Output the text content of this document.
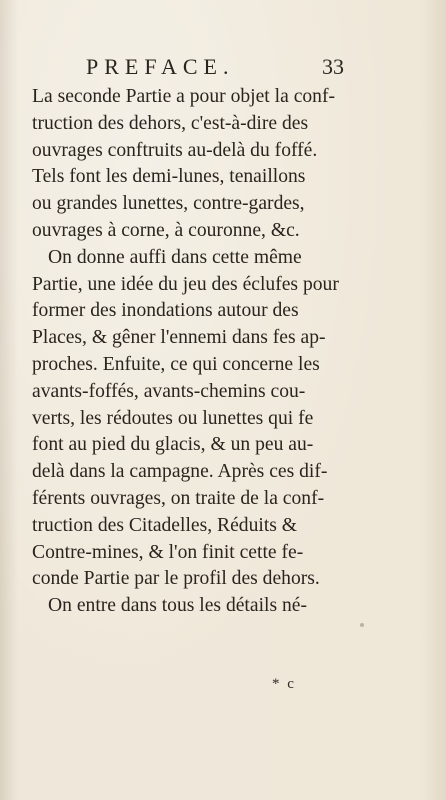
PREFACE.	33
La seconde Partie a pour objet la conf-
truction des dehors, c'est-à-dire des
ouvrages conftruits au-delà du foffé.
Tels font les demi-lunes, tenaillons
ou grandes lunettes, contre-gardes,
ouvrages à corne, à couronne, &c.
On donne auffi dans cette même
Partie, une idée du jeu des éclufes pour
former des inondations autour des
Places, & gêner l'ennemi dans fes ap-
proches. Enfuite, ce qui concerne les
avants-foffés, avants-chemins cou-
verts, les rédoutes ou lunettes qui fe
font au pied du glacis, & un peu au-
delà dans la campagne. Après ces dif-
férents ouvrages, on traite de la conf-
truction des Citadelles, Réduits &
Contre-mines, & l'on finit cette fe-
conde Partie par le profil des dehors.
On entre dans tous les détails né-
* c
